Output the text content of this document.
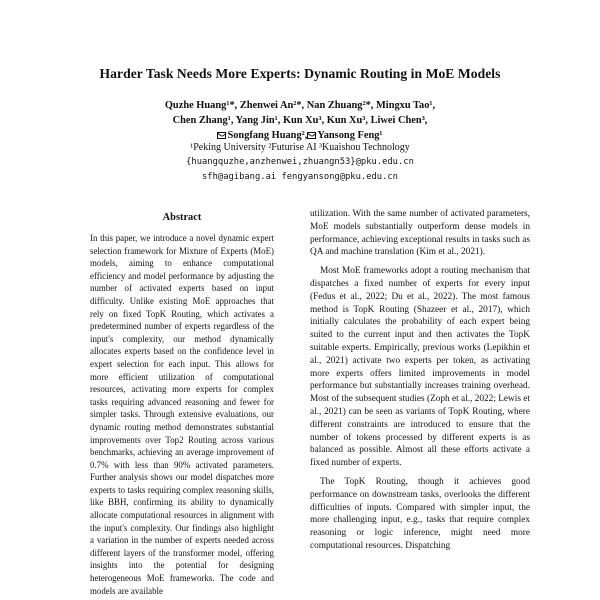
Harder Task Needs More Experts: Dynamic Routing in MoE Models
Quzhe Huang¹*, Zhenwei An²*, Nan Zhuang²*, Mingxu Tao¹,
Chen Zhang¹, Yang Jin¹, Kun Xu³, Kun Xu³, Liwei Chen³,
Songfang Huang², Yansong Feng¹
¹Peking University ²Futurise AI ³Kuaishou Technology
{huangquzhe,anzhenwei,zhuangn53}@pku.edu.cn
sfh@agibang.ai fengyansong@pku.edu.cn
Abstract

In this paper, we introduce a novel dynamic expert selection framework for Mixture of Experts (MoE) models, aiming to enhance computational efficiency and model performance by adjusting the number of activated experts based on input difficulty. Unlike existing MoE approaches that rely on fixed TopK Routing, which activates a predetermined number of experts regardless of the input's complexity, our method dynamically allocates experts based on the confidence level in expert selection for each input. This allows for more efficient utilization of computational resources, activating more experts for complex tasks requiring advanced reasoning and fewer for simpler tasks. Through extensive evaluations, our dynamic routing method demonstrates substantial improvements over Top2 Routing across various benchmarks, achieving an average improvement of 0.7% with less than 90% activated parameters. Further analysis shows our model dispatches more experts to tasks requiring complex reasoning skills, like BBH, confirming its ability to dynamically allocate computational resources in alignment with the input's complexity. Our findings also highlight a variation in the number of experts needed across different layers of the transformer model, offering insights into the potential for designing heterogeneous MoE frameworks. The code and models are available

utilization. With the same number of activated parameters, MoE models substantially outperform dense models in performance, achieving exceptional results in tasks such as QA and machine translation (Kim et al., 2021).

Most MoE frameworks adopt a routing mechanism that dispatches a fixed number of experts for every input (Fedus et al., 2022; Du et al., 2022). The most famous method is TopK Routing (Shazeer et al., 2017), which initially calculates the probability of each expert being suited to the current input and then activates the TopK suitable experts. Empirically, previous works (Lepikhin et al., 2021) activate two experts per token, as activating more experts offers limited improvements in model performance but substantially increases training overhead. Most of the subsequent studies (Zoph et al., 2022; Lewis et al., 2021) can be seen as variants of TopK Routing, where different constraints are introduced to ensure that the number of tokens processed by different experts is as balanced as possible. Almost all these efforts activate a fixed number of experts.

The TopK Routing, though it achieves good performance on downstream tasks, overlooks the different difficulties of inputs. Compared with simpler input, the more challenging input, e.g., tasks that require complex reasoning or logic inference, might need more computational resources. Dispatching
